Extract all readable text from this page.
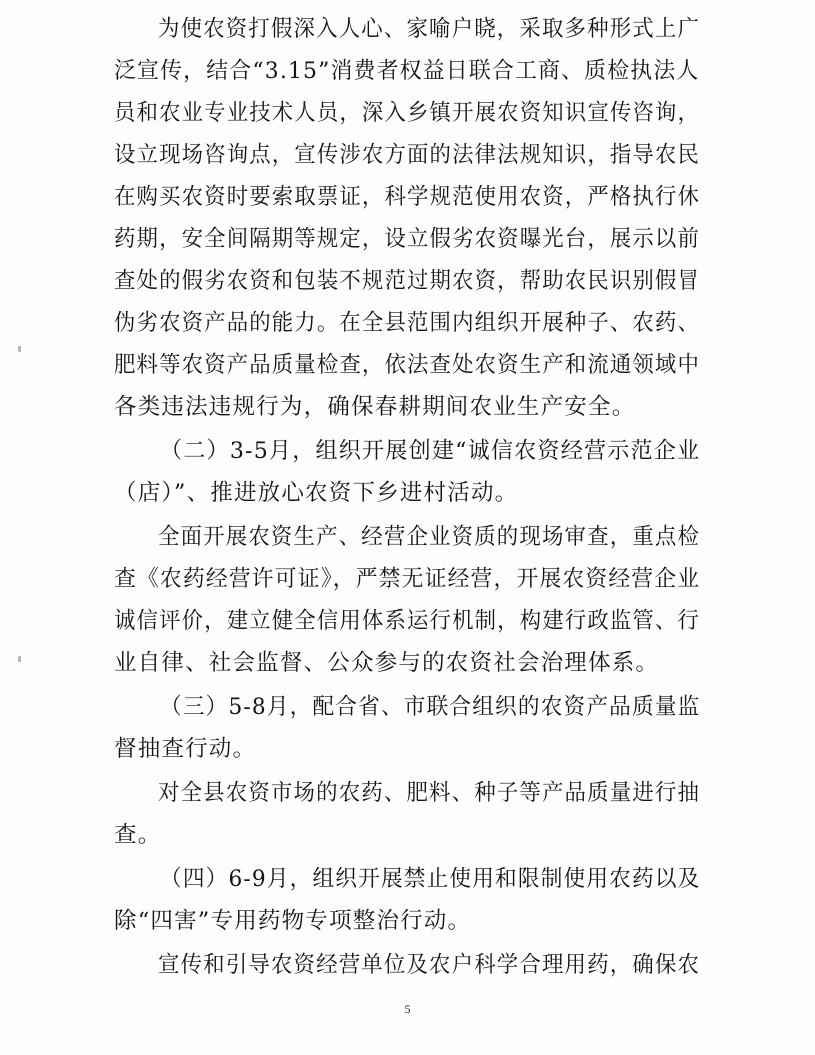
为使农资打假深入人心、家喻户晓，采取多种形式上广
泛宣传，结合“3.15”消费者权益日联合工商、质检执法人
员和农业专业技术人员，深入乡镇开展农资知识宣传咨询，
设立现场咨询点，宣传涉农方面的法律法规知识，指导农民
在购买农资时要索取票证，科学规范使用农资，严格执行休
药期，安全间隔期等规定，设立假劣农资曝光台，展示以前
查处的假劣农资和包装不规范过期农资，帮助农民识别假冒
伪劣农资产品的能力。在全县范围内组织开展种子、农药、
肥料等农资产品质量检查，依法查处农资生产和流通领域中
各类违法违规行为，确保春耕期间农业生产安全。
（二）3-5月，组织开展创建“诚信农资经营示范企业
（店）”、推进放心农资下乡进村活动。
全面开展农资生产、经营企业资质的现场审查，重点检
查《农药经营许可证》，严禁无证经营，开展农资经营企业
诚信评价，建立健全信用体系运行机制，构建行政监管、行
业自律、社会监督、公众参与的农资社会治理体系。
（三）5-8月，配合省、市联合组织的农资产品质量监
督抽查行动。
对全县农资市场的农药、肥料、种子等产品质量进行抽
查。
（四）6-9月，组织开展禁止使用和限制使用农药以及
除“四害”专用药物专项整治行动。
宣传和引导农资经营单位及农户科学合理用药，确保农
5
